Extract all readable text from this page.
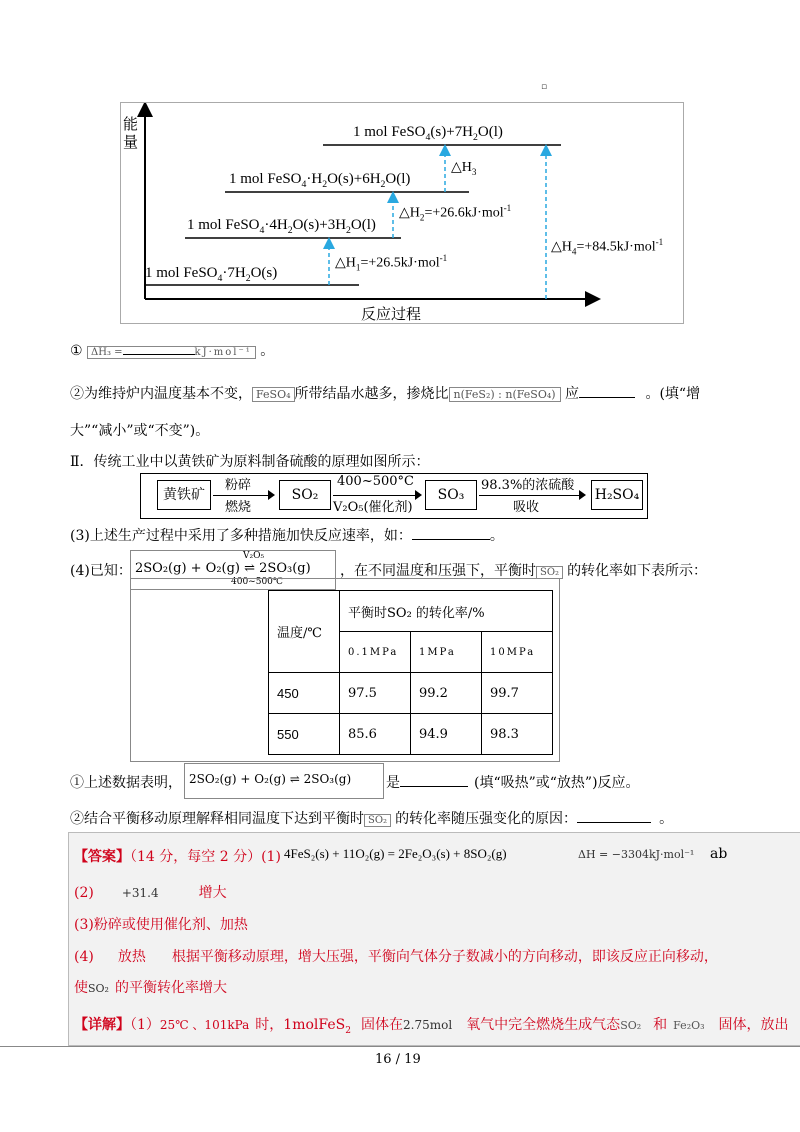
▫
能
量
反应过程
1 mol $FeSO_4\cdot 7H_2O(s)$
1 mol $FeSO_4\cdot 4H_2O(s)+3H_2O(l)$
1 mol $FeSO_4\cdot H_2O(s)+6H_2O(l)$
1 mol $FeSO_4(s)+7H_2O(l)$
$\triangle H_1=+26.5kJ\cdot mol^{-1}$
$\triangle H_2=+26.6kJ\cdot mol^{-1}$
$\triangle H_3$
$\triangle H_4=+84.5kJ\cdot mol^{-1}$
① ΔH₃ =	kJ·mol⁻¹ 。
②为维持炉内温度基本不变， FeSO₄ 所带结晶水越多，掺烧比 n(FeS₂) : n(FeSO₄) 应	。(填“增
大”“减小”或“不变”)。
Ⅱ．传统工业中以黄铁矿为原料制备硫酸的原理如图所示：
黄铁矿
粉碎
燃烧
SO₂
400~500°C
V₂O₅(催化剂)
SO₃
98.3%的浓硫酸
吸收
H₂SO₄
(3)上述生产过程中采用了多种措施加快反应速率，如：	。
(4)已知： 2SO₂(g) + O₂(g) ⇌ 2SO₃(g)
V₂O₅
400~500℃
，在不同温度和压强下，平衡时 SO₂ 的转化率如下表所示：
温度/℃	平衡时SO₂ 的转化率/%		
	0.1MPa	1MPa	10MPa
450	97.5	99.2	99.7
550	85.6	94.9	98.3
①上述数据表明， 2SO₂(g) + O₂(g) ⇌ 2SO₃(g) 是	(填“吸热”或“放热”)反应。
②结合平衡移动原理解释相同温度下达到平衡时 SO₂ 的转化率随压强变化的原因：	。
【答案】（14 分，每空 2 分）(1) 4FeS₂(s) + 11O₂(g) = 2Fe₂O₃(s) + 8SO₂(g)	ΔH = −3304kJ·mol⁻¹ ab
(2) +31.4	增大
(3)粉碎或使用催化剂、加热
(4) 放热 根据平衡移动原理，增大压强，平衡向气体分子数减小的方向移动，即该反应正向移动，
使SO₂ 的平衡转化率增大
【详解】（1）25℃ 、101kPa 时，1molFeS$_2$ 固体在2.75mol 氧气中完全燃烧生成气态SO₂ 和 Fe₂O₃ 固体，放出
16 / 19
